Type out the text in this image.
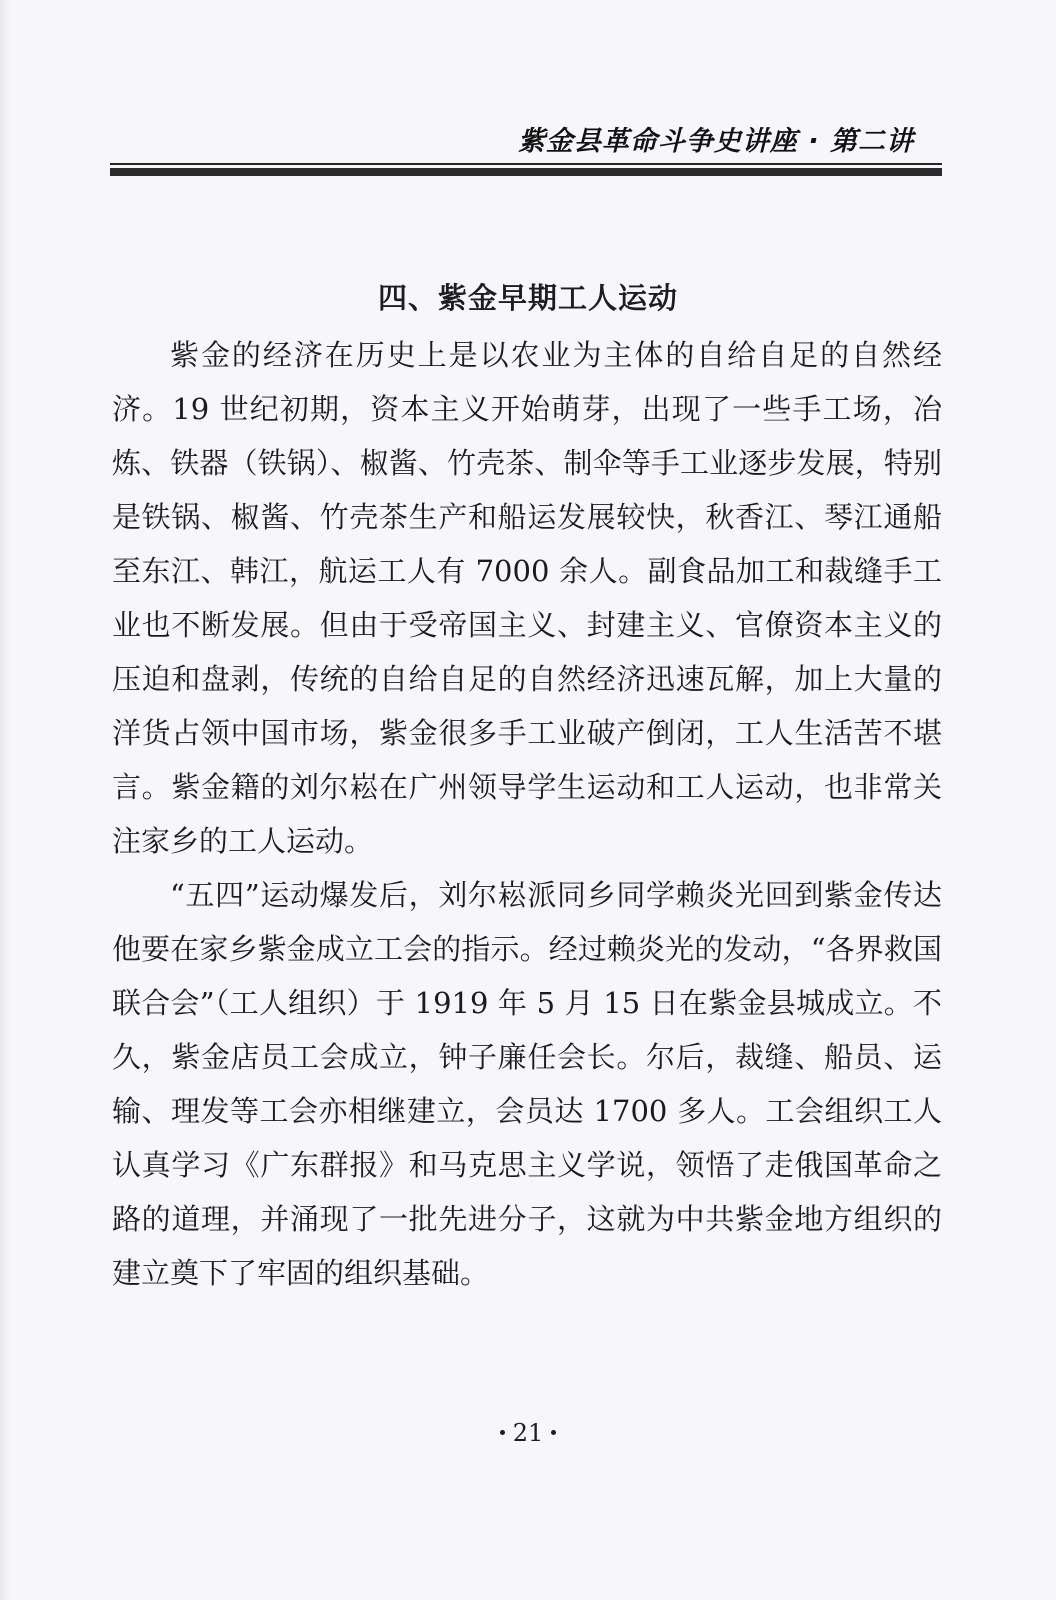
紫金县革命斗争史讲座 · 第二讲
四、紫金早期工人运动

紫金的经济在历史上是以农业为主体的自给自足的自然经济。19 世纪初期，资本主义开始萌芽，出现了一些手工场，冶炼、铁器（铁锅）、椒酱、竹壳茶、制伞等手工业逐步发展，特别是铁锅、椒酱、竹壳茶生产和船运发展较快，秋香江、琴江通船至东江、韩江，航运工人有 7000 余人。副食品加工和裁缝手工业也不断发展。但由于受帝国主义、封建主义、官僚资本主义的压迫和盘剥，传统的自给自足的自然经济迅速瓦解，加上大量的洋货占领中国市场，紫金很多手工业破产倒闭，工人生活苦不堪言。紫金籍的刘尔崧在广州领导学生运动和工人运动，也非常关注家乡的工人运动。

“五四”运动爆发后，刘尔崧派同乡同学赖炎光回到紫金传达他要在家乡紫金成立工会的指示。经过赖炎光的发动，“各界救国联合会”（工人组织）于 1919 年 5 月 15 日在紫金县城成立。不久，紫金店员工会成立，钟子廉任会长。尔后，裁缝、船员、运输、理发等工会亦相继建立，会员达 1700 多人。工会组织工人认真学习《广东群报》和马克思主义学说，领悟了走俄国革命之路的道理，并涌现了一批先进分子，这就为中共紫金地方组织的建立奠下了牢固的组织基础。

21
